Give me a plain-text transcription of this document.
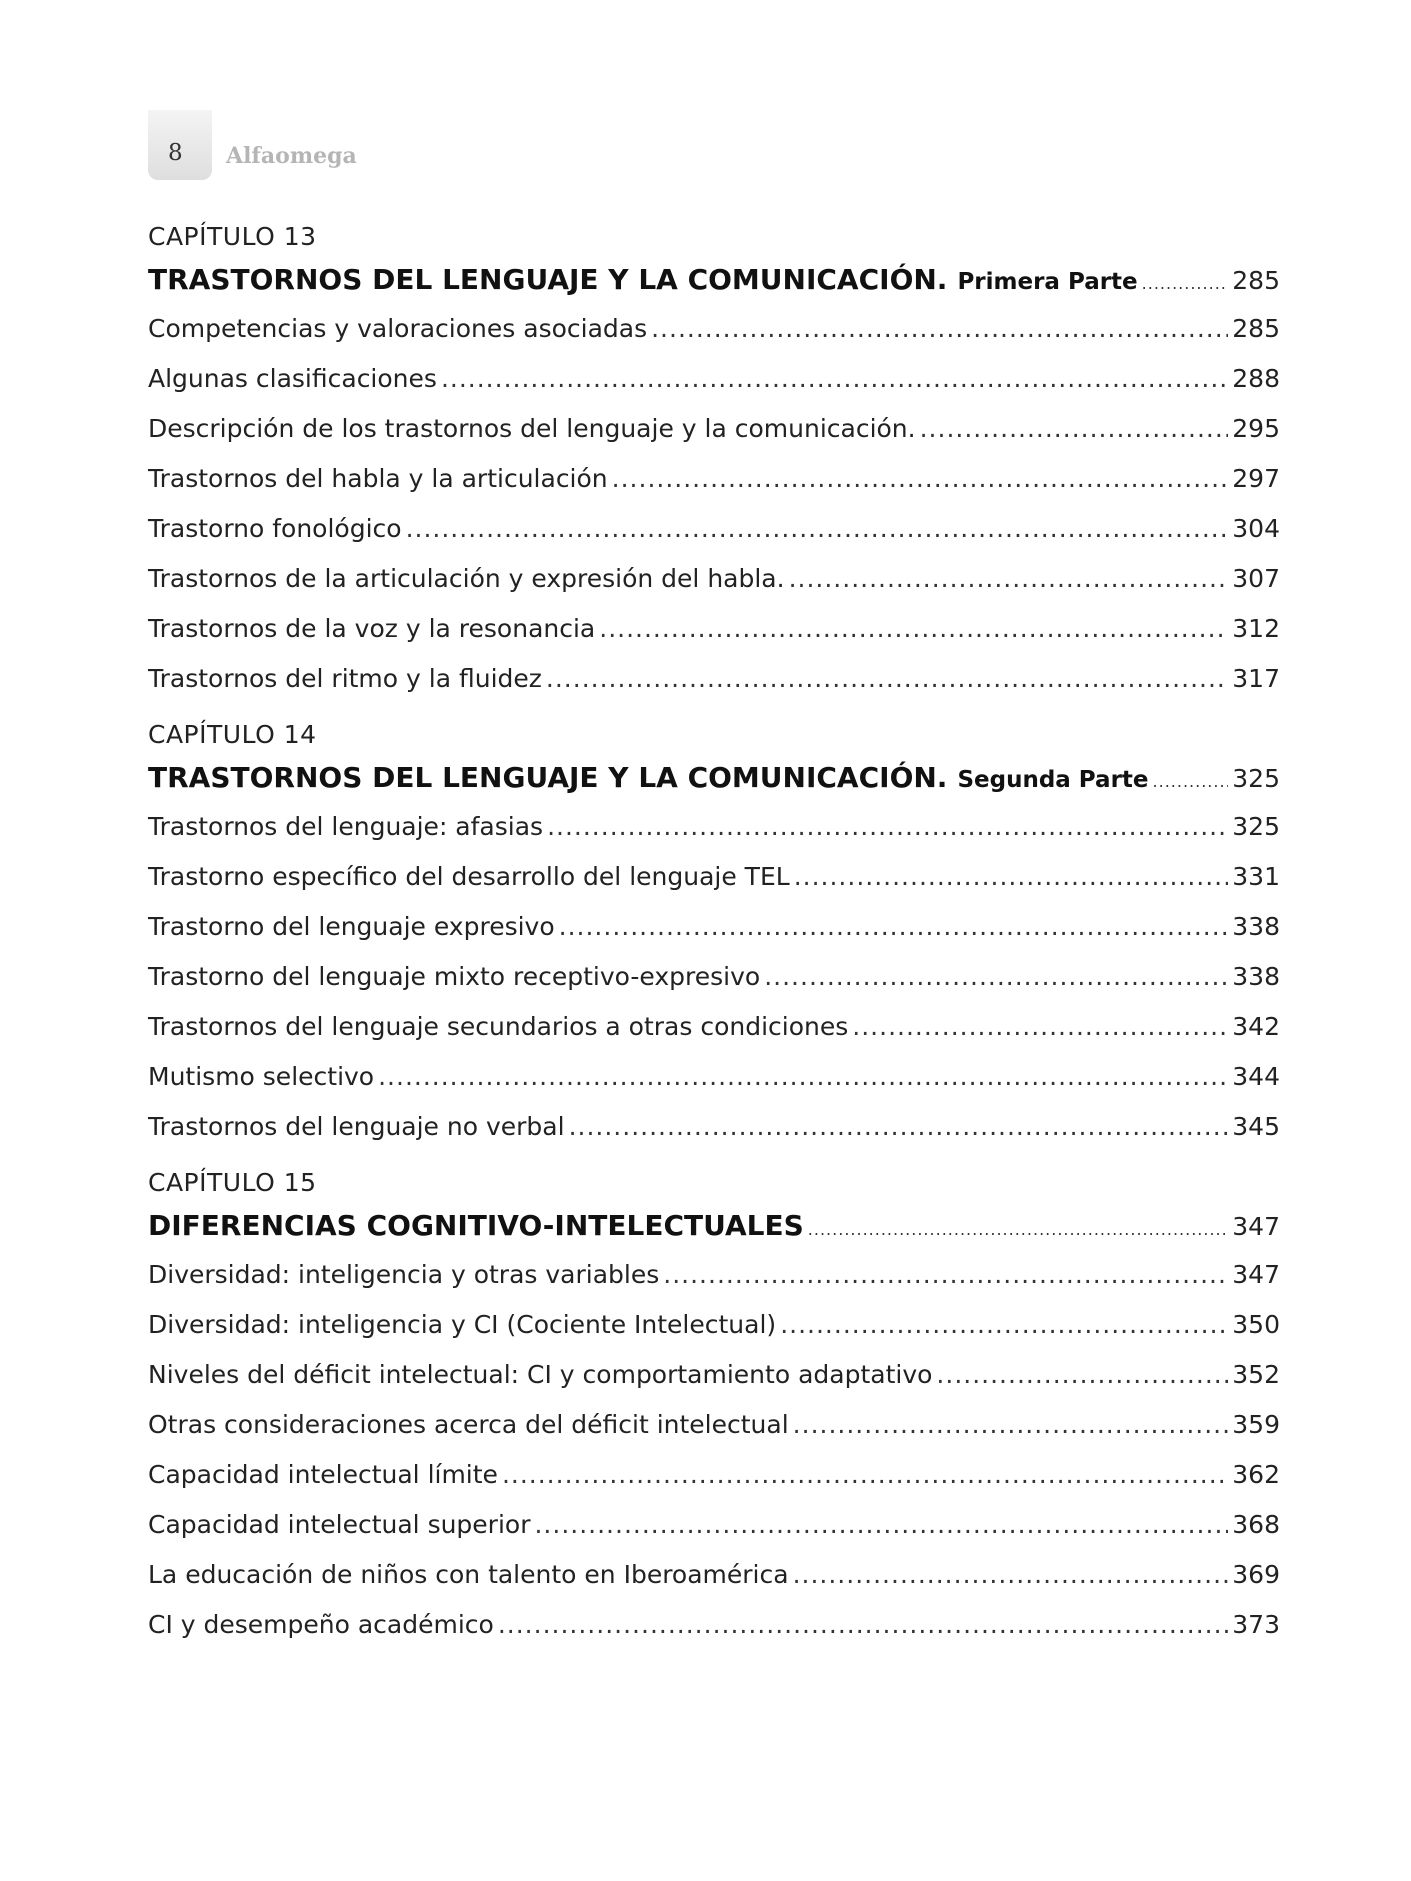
8 Alfaomega
CAPÍTULO 13
TRASTORNOS DEL LENGUAJE Y LA COMUNICACIÓN. Primera Parte .....	285
Competencias y valoraciones asociadas .....	285
Algunas clasificaciones .....	288
Descripción de los trastornos del lenguaje y la comunicación. .....	295
Trastornos del habla y la articulación .....	297
Trastorno fonológico .....	304
Trastornos de la articulación y expresión del habla. .....	307
Trastornos de la voz y la resonancia .....	312
Trastornos del ritmo y la fluidez .....	317
CAPÍTULO 14
TRASTORNOS DEL LENGUAJE Y LA COMUNICACIÓN. Segunda Parte .....	325
Trastornos del lenguaje: afasias .....	325
Trastorno específico del desarrollo del lenguaje TEL .....	331
Trastorno del lenguaje expresivo .....	338
Trastorno del lenguaje mixto receptivo-expresivo .....	338
Trastornos del lenguaje secundarios a otras condiciones .....	342
Mutismo selectivo .....	344
Trastornos del lenguaje no verbal .....	345
CAPÍTULO 15
DIFERENCIAS COGNITIVO-INTELECTUALES .....	347
Diversidad: inteligencia y otras variables .....	347
Diversidad: inteligencia y CI (Cociente Intelectual) .....	350
Niveles del déficit intelectual: CI y comportamiento adaptativo .....	352
Otras consideraciones acerca del déficit intelectual .....	359
Capacidad intelectual límite .....	362
Capacidad intelectual superior .....	368
La educación de niños con talento en Iberoamérica .....	369
CI y desempeño académico .....	373
